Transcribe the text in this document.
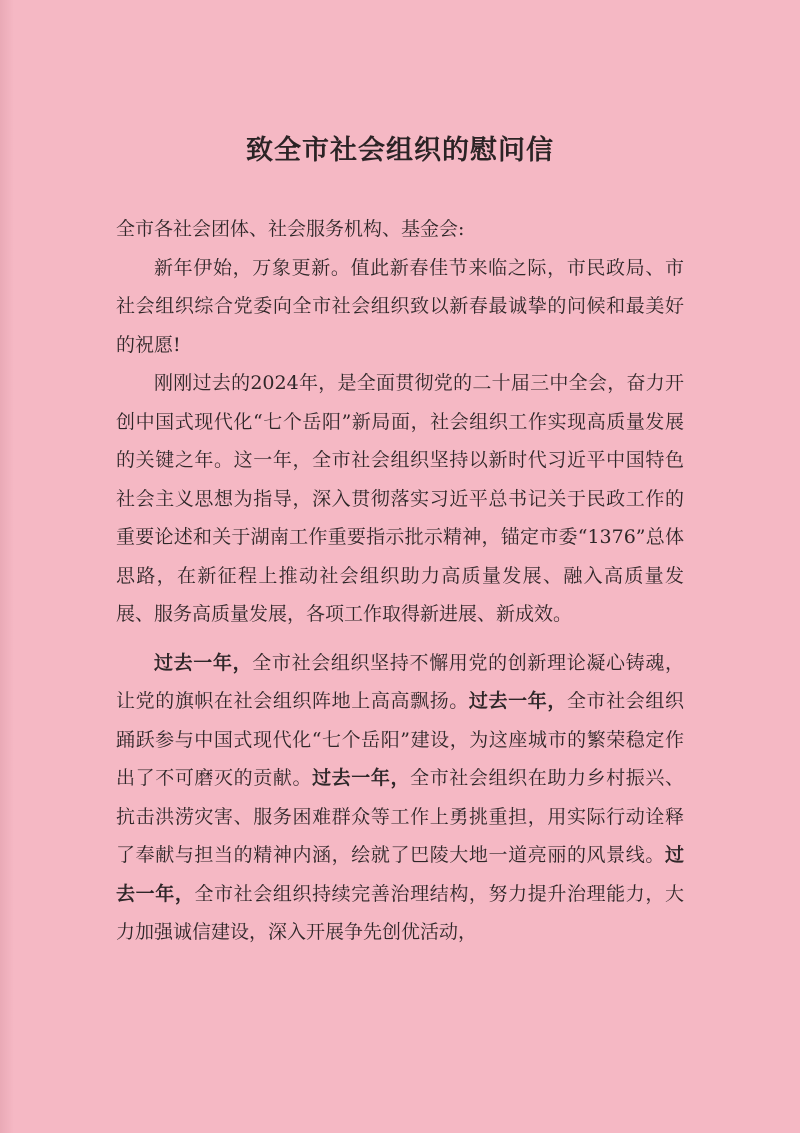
致全市社会组织的慰问信

全市各社会团体、社会服务机构、基金会:

新年伊始，万象更新。值此新春佳节来临之际，市民政局、市社会组织综合党委向全市社会组织致以新春最诚挚的问候和最美好的祝愿!

刚刚过去的2024年，是全面贯彻党的二十届三中全会，奋力开创中国式现代化“七个岳阳”新局面，社会组织工作实现高质量发展的关键之年。这一年，全市社会组织坚持以新时代习近平中国特色社会主义思想为指导，深入贯彻落实习近平总书记关于民政工作的重要论述和关于湖南工作重要指示批示精神，锚定市委“1376”总体思路，在新征程上推动社会组织助力高质量发展、融入高质量发展、服务高质量发展，各项工作取得新进展、新成效。

过去一年，全市社会组织坚持不懈用党的创新理论凝心铸魂，让党的旗帜在社会组织阵地上高高飘扬。过去一年，全市社会组织踊跃参与中国式现代化“七个岳阳”建设，为这座城市的繁荣稳定作出了不可磨灭的贡献。过去一年，全市社会组织在助力乡村振兴、抗击洪涝灾害、服务困难群众等工作上勇挑重担，用实际行动诠释了奉献与担当的精神内涵，绘就了巴陵大地一道亮丽的风景线。过去一年，全市社会组织持续完善治理结构，努力提升治理能力，大力加强诚信建设，深入开展争先创优活动，
